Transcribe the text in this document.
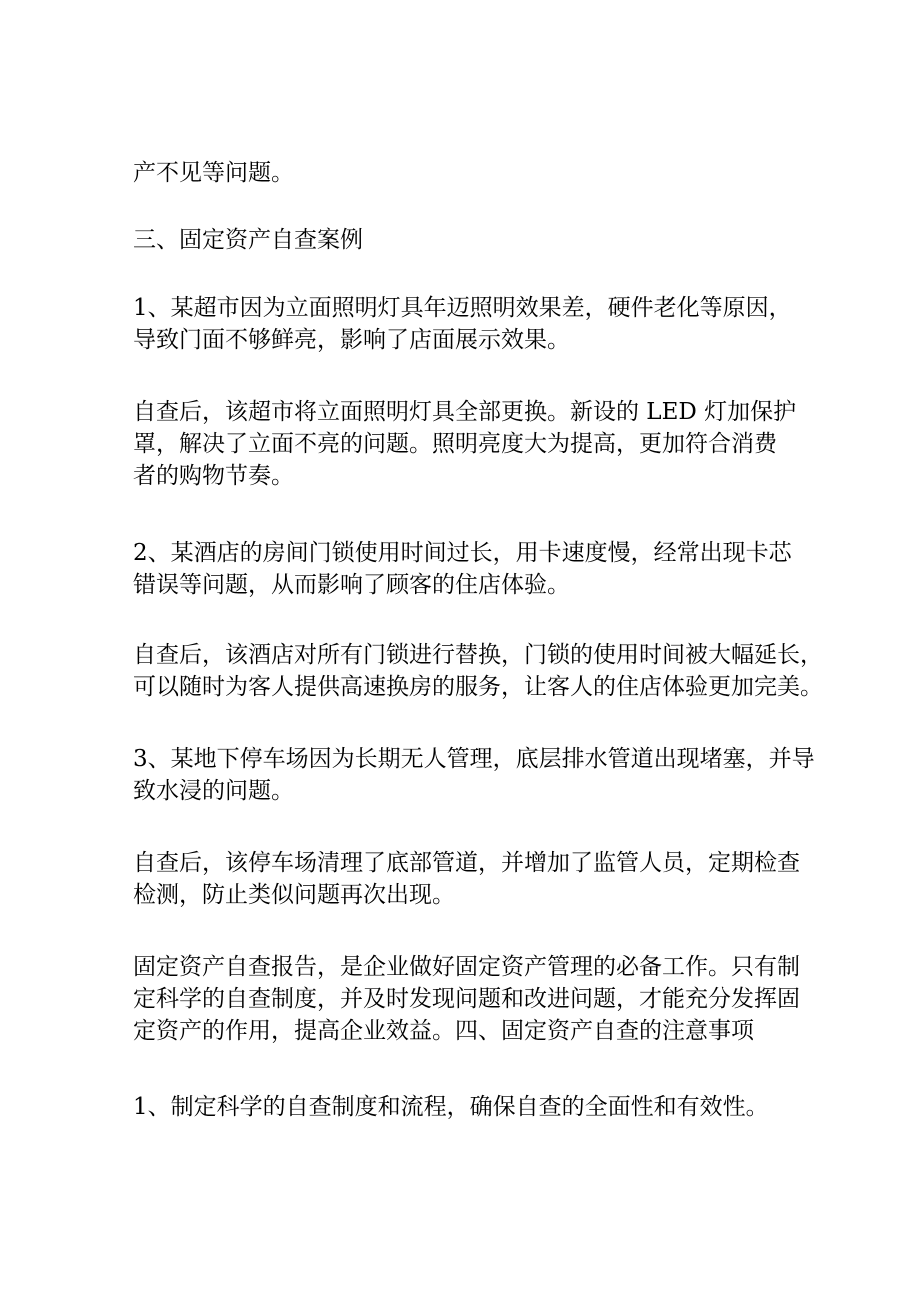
产不见等问题。

三、固定资产自查案例

1、某超市因为立面照明灯具年迈照明效果差，硬件老化等原因，
导致门面不够鲜亮，影响了店面展示效果。

自查后，该超市将立面照明灯具全部更换。新设的 LED 灯加保护
罩，解决了立面不亮的问题。照明亮度大为提高，更加符合消费
者的购物节奏。

2、某酒店的房间门锁使用时间过长，用卡速度慢，经常出现卡芯
错误等问题，从而影响了顾客的住店体验。

自查后，该酒店对所有门锁进行替换，门锁的使用时间被大幅延长，
可以随时为客人提供高速换房的服务，让客人的住店体验更加完美。

3、某地下停车场因为长期无人管理，底层排水管道出现堵塞，并导
致水浸的问题。

自查后，该停车场清理了底部管道，并增加了监管人员，定期检查
检测，防止类似问题再次出现。

固定资产自查报告，是企业做好固定资产管理的必备工作。只有制
定科学的自查制度，并及时发现问题和改进问题，才能充分发挥固
定资产的作用，提高企业效益。四、固定资产自查的注意事项

1、制定科学的自查制度和流程，确保自查的全面性和有效性。
